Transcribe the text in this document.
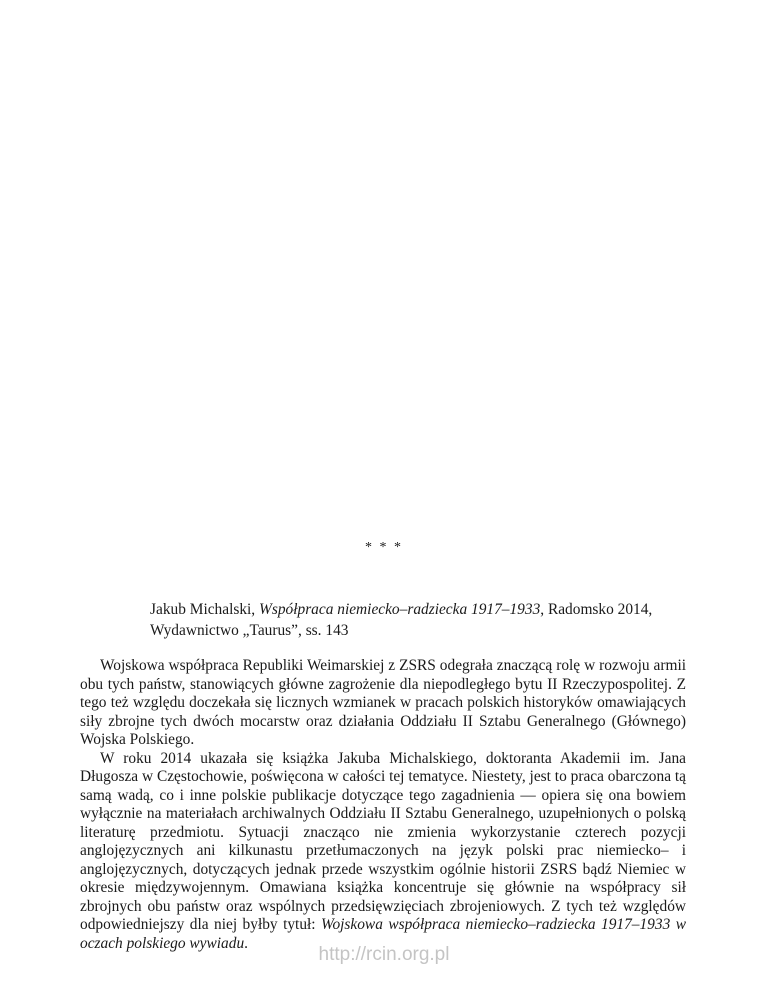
* * *
Jakub Michalski, Współpraca niemiecko–radziecka 1917–1933, Radomsko 2014,
Wydawnictwo „Taurus”, ss. 143

Wojskowa współpraca Republiki Weimarskiej z ZSRS odegrała znaczącą rolę w rozwoju armii obu tych państw, stanowiących główne zagrożenie dla niepodległego bytu II Rzeczypospolitej. Z tego też względu doczekała się licznych wzmianek w pracach polskich historyków omawiających siły zbrojne tych dwóch mocarstw oraz działania Oddziału II Sztabu Generalnego (Głównego) Wojska Polskiego.

W roku 2014 ukazała się książka Jakuba Michalskiego, doktoranta Akademii im. Jana Długosza w Częstochowie, poświęcona w całości tej tematyce. Niestety, jest to praca obarczona tą samą wadą, co i inne polskie publikacje dotyczące tego zagadnienia — opiera się ona bowiem wyłącznie na materiałach archiwalnych Oddziału II Sztabu Generalnego, uzupełnionych o polską literaturę przedmiotu. Sytuacji znacząco nie zmienia wykorzystanie czterech pozycji anglojęzycznych ani kilkunastu przetłumaczonych na język polski prac niemiecko– i anglojęzycznych, dotyczących jednak przede wszystkim ogólnie historii ZSRS bądź Niemiec w okresie międzywojennym. Omawiana książka koncentruje się głównie na współpracy sił zbrojnych obu państw oraz wspólnych przedsięwzięciach zbrojeniowych. Z tych też względów odpowiedniejszy dla niej byłby tytuł: Wojskowa współpraca niemiecko–radziecka 1917–1933 w oczach polskiego wywiadu.

http://rcin.org.pl
